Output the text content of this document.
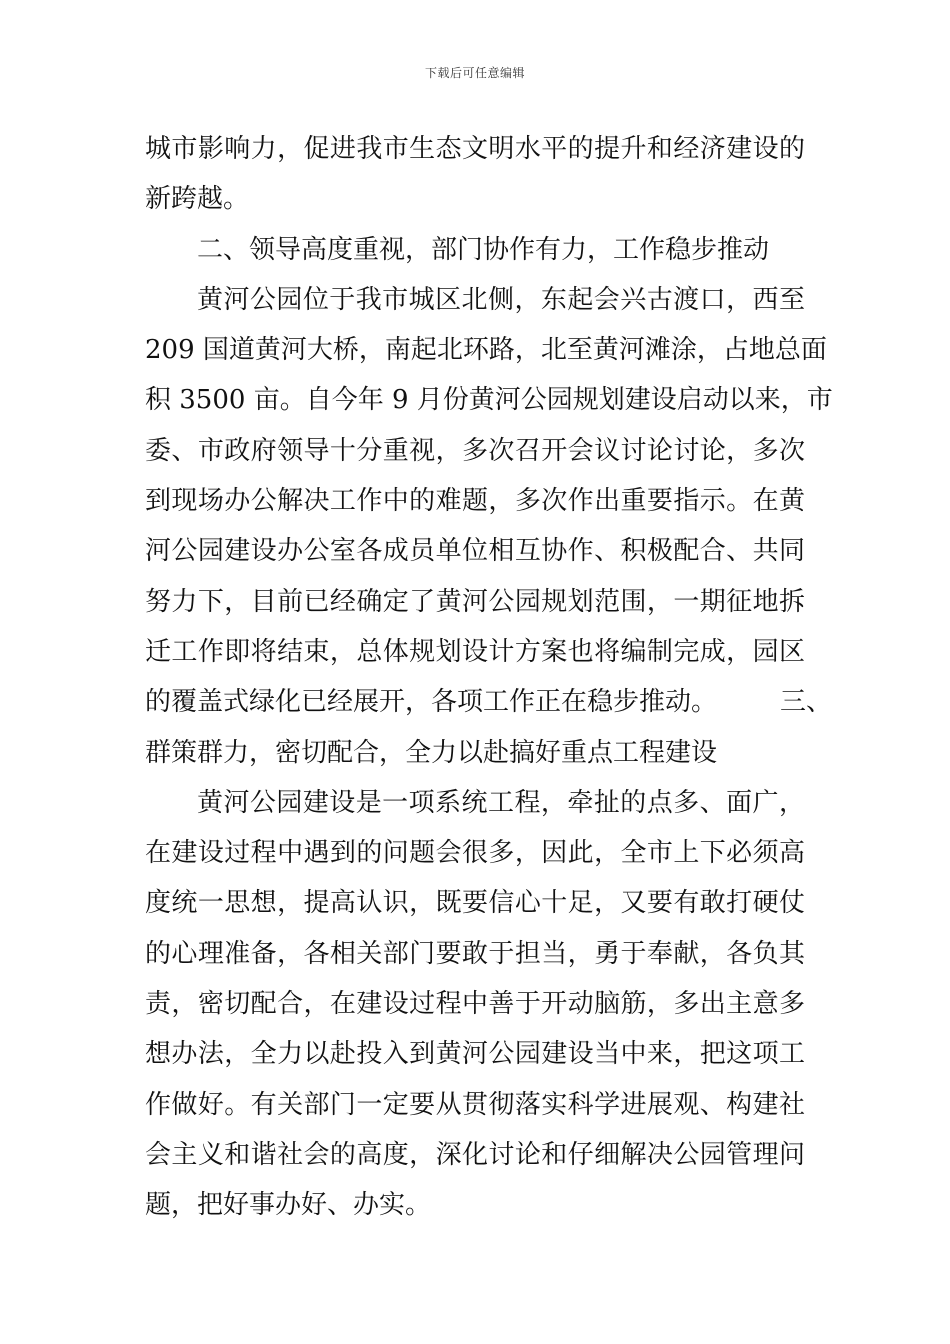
下载后可任意编辑
城市影响力，促进我市生态文明水平的提升和经济建设的
新跨越。
二、领导高度重视，部门协作有力，工作稳步推动
黄河公园位于我市城区北侧，东起会兴古渡口，西至
209 国道黄河大桥，南起北环路，北至黄河滩涂，占地总面
积 3500 亩。自今年 9 月份黄河公园规划建设启动以来，市
委、市政府领导十分重视，多次召开会议讨论讨论，多次
到现场办公解决工作中的难题，多次作出重要指示。在黄
河公园建设办公室各成员单位相互协作、积极配合、共同
努力下，目前已经确定了黄河公园规划范围，一期征地拆
迁工作即将结束，总体规划设计方案也将编制完成，园区
的覆盖式绿化已经展开，各项工作正在稳步推动。 三、
群策群力，密切配合，全力以赴搞好重点工程建设
黄河公园建设是一项系统工程，牵扯的点多、面广，
在建设过程中遇到的问题会很多，因此，全市上下必须高
度统一思想，提高认识，既要信心十足，又要有敢打硬仗
的心理准备，各相关部门要敢于担当，勇于奉献，各负其
责，密切配合，在建设过程中善于开动脑筋，多出主意多
想办法，全力以赴投入到黄河公园建设当中来，把这项工
作做好。有关部门一定要从贯彻落实科学进展观、构建社
会主义和谐社会的高度，深化讨论和仔细解决公园管理问
题，把好事办好、办实。
